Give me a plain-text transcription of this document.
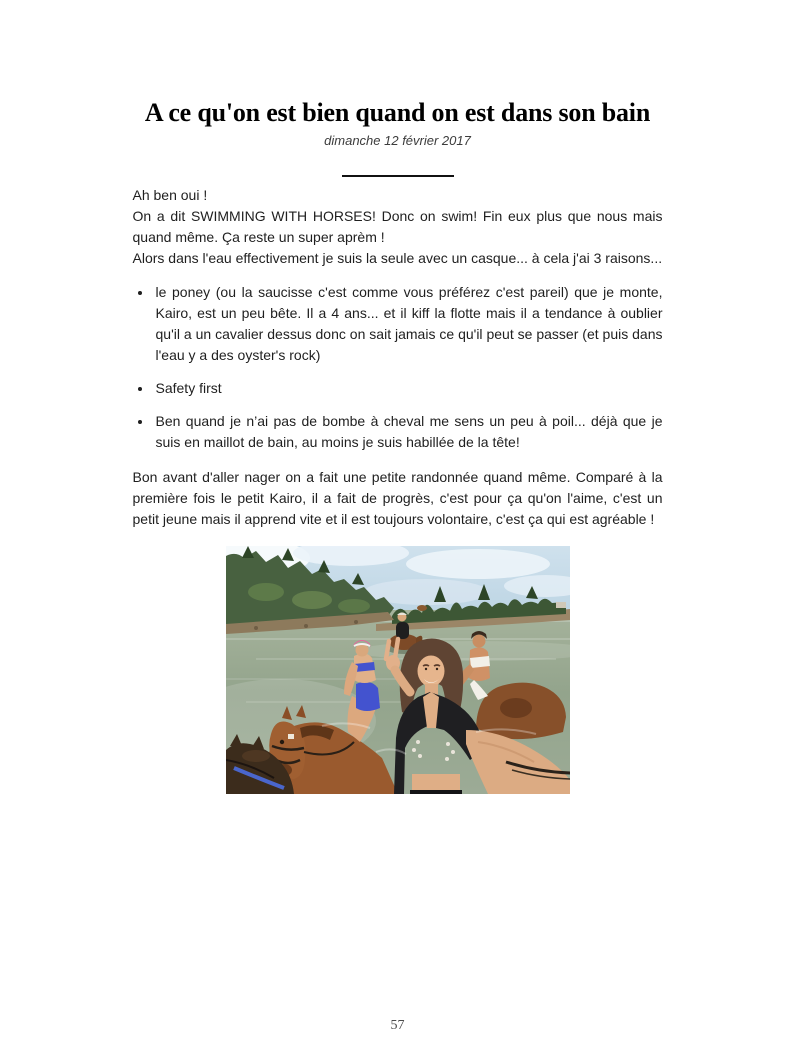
A ce qu'on est bien quand on est dans son bain
dimanche 12 février 2017

Ah ben oui !

On a dit SWIMMING WITH HORSES! Donc on swim! Fin eux plus que nous mais quand même. Ça reste un super aprèm !

Alors dans l'eau effectivement je suis la seule avec un casque... à cela j'ai 3 raisons...

• le poney (ou la saucisse c'est comme vous préférez c'est pareil) que je monte, Kairo, est un peu bête. Il a 4 ans... et il kiff la flotte mais il a tendance à oublier qu'il a un cavalier dessus donc on sait jamais ce qu'il peut se passer (et puis dans l'eau y a des oyster's rock)
• Safety first
• Ben quand je n’ai pas de bombe à cheval me sens un peu à poil... déjà que je suis en maillot de bain, au moins je suis habillée de la tête!

Bon avant d'aller nager on a fait une petite randonnée quand même. Comparé à la première fois le petit Kairo, il a fait de progrès, c'est pour ça qu'on l'aime, c'est un petit jeune mais il apprend vite et il est toujours volontaire, c'est ça qui est agréable !

57
